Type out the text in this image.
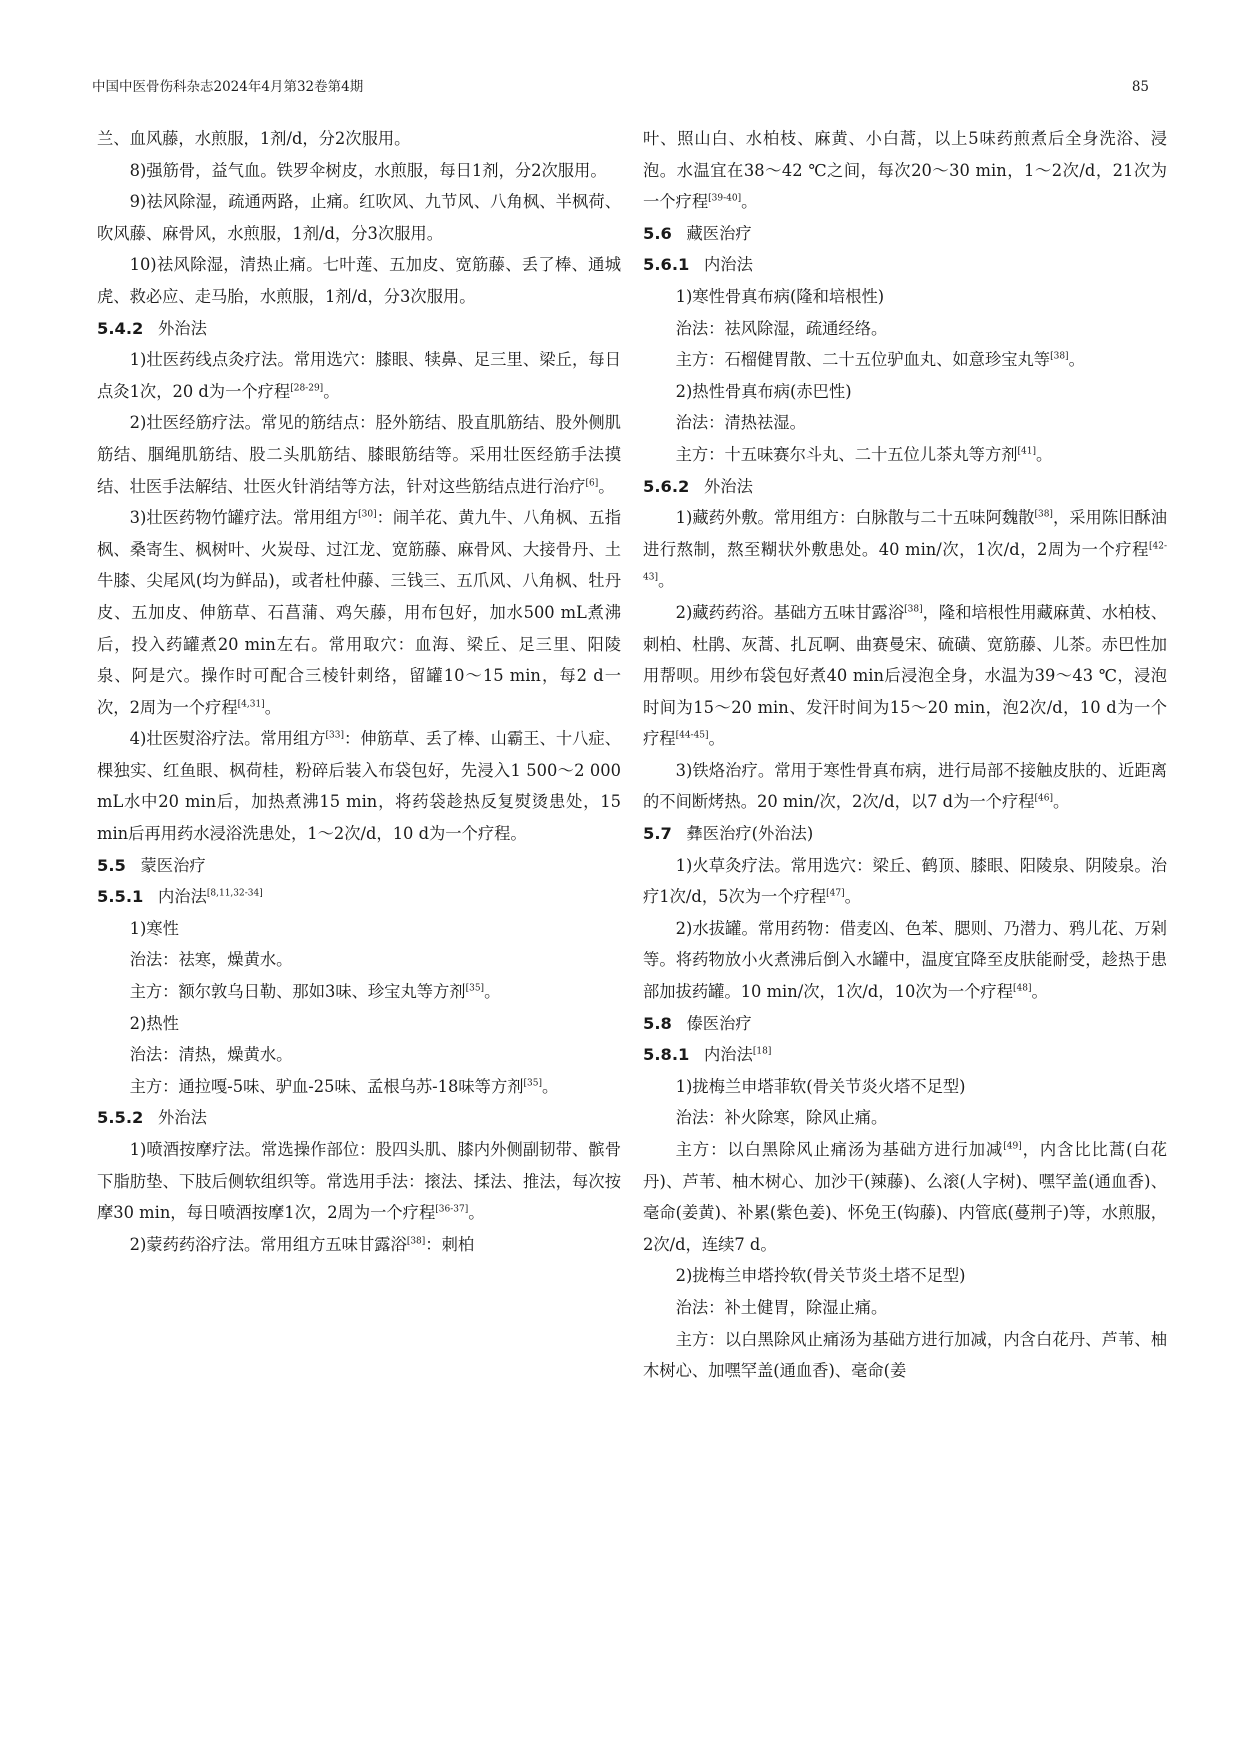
中国中医骨伤科杂志2024年4月第32卷第4期	85

兰、血风藤，水煎服，1剂/d，分2次服用。

8)强筋骨，益气血。铁罗伞树皮，水煎服，每日1剂，分2次服用。

9)祛风除湿，疏通两路，止痛。红吹风、九节风、八角枫、半枫荷、吹风藤、麻骨风，水煎服，1剂/d，分3次服用。

10)祛风除湿，清热止痛。七叶莲、五加皮、宽筋藤、丢了棒、通城虎、救必应、走马胎，水煎服，1剂/d，分3次服用。

5.4.2 外治法

1)壮医药线点灸疗法。常用选穴：膝眼、犊鼻、足三里、梁丘，每日点灸1次，20 d为一个疗程[28-29]。

2)壮医经筋疗法。常见的筋结点：胫外筋结、股直肌筋结、股外侧肌筋结、腘绳肌筋结、股二头肌筋结、膝眼筋结等。采用壮医经筋手法摸结、壮医手法解结、壮医火针消结等方法，针对这些筋结点进行治疗[6]。

3)壮医药物竹罐疗法。常用组方[30]：闹羊花、黄九牛、八角枫、五指枫、桑寄生、枫树叶、火炭母、过江龙、宽筋藤、麻骨风、大接骨丹、土牛膝、尖尾风(均为鲜品)，或者杜仲藤、三钱三、五爪风、八角枫、牡丹皮、五加皮、伸筋草、石菖蒲、鸡矢藤，用布包好，加水500 mL煮沸后，投入药罐煮20 min左右。常用取穴：血海、梁丘、足三里、阳陵泉、阿是穴。操作时可配合三棱针刺络，留罐10～15 min，每2 d一次，2周为一个疗程[4,31]。

4)壮医熨浴疗法。常用组方[33]：伸筋草、丢了棒、山霸王、十八症、棵独实、红鱼眼、枫荷桂，粉碎后装入布袋包好，先浸入1 500～2 000 mL水中20 min后，加热煮沸15 min，将药袋趁热反复熨烫患处，15 min后再用药水浸浴洗患处，1～2次/d，10 d为一个疗程。

5.5 蒙医治疗
5.5.1 内治法[8,11,32-34]

1)寒性

治法：祛寒，燥黄水。

主方：额尔敦乌日勒、那如3味、珍宝丸等方剂[35]。

2)热性

治法：清热，燥黄水。

主方：通拉嘎-5味、驴血-25味、孟根乌苏-18味等方剂[35]。

5.5.2 外治法

1)喷酒按摩疗法。常选操作部位：股四头肌、膝内外侧副韧带、髌骨下脂肪垫、下肢后侧软组织等。常选用手法：㨰法、揉法、推法，每次按摩30 min，每日喷酒按摩1次，2周为一个疗程[36-37]。

2)蒙药药浴疗法。常用组方五味甘露浴[38]：刺柏

叶、照山白、水柏枝、麻黄、小白蒿，以上5味药煎煮后全身洗浴、浸泡。水温宜在38～42 ℃之间，每次20～30 min，1～2次/d，21次为一个疗程[39-40]。

5.6 藏医治疗
5.6.1 内治法

1)寒性骨真布病(隆和培根性)

治法：祛风除湿，疏通经络。

主方：石榴健胃散、二十五位驴血丸、如意珍宝丸等[38]。

2)热性骨真布病(赤巴性)

治法：清热祛湿。

主方：十五味赛尔斗丸、二十五位儿茶丸等方剂[41]。

5.6.2 外治法

1)藏药外敷。常用组方：白脉散与二十五味阿魏散[38]，采用陈旧酥油进行熬制，熬至糊状外敷患处。40 min/次，1次/d，2周为一个疗程[42-43]。

2)藏药药浴。基础方五味甘露浴[38]，隆和培根性用藏麻黄、水柏枝、刺柏、杜鹃、灰蒿、扎瓦啊、曲赛曼宋、硫磺、宽筋藤、儿茶。赤巴性加用帮呗。用纱布袋包好煮40 min后浸泡全身，水温为39～43 ℃，浸泡时间为15～20 min、发汗时间为15～20 min，泡2次/d，10 d为一个疗程[44-45]。

3)铁烙治疗。常用于寒性骨真布病，进行局部不接触皮肤的、近距离的不间断烤热。20 min/次，2次/d，以7 d为一个疗程[46]。

5.7 彝医治疗(外治法)

1)火草灸疗法。常用选穴：梁丘、鹤顶、膝眼、阳陵泉、阴陵泉。治疗1次/d，5次为一个疗程[47]。

2)水拔罐。常用药物：借麦凶、色苯、腮则、乃潜力、鸦儿花、万剁等。将药物放小火煮沸后倒入水罐中，温度宜降至皮肤能耐受，趁热于患部加拔药罐。10 min/次，1次/d，10次为一个疗程[48]。

5.8 傣医治疗
5.8.1 内治法[18]

1)拢梅兰申塔菲软(骨关节炎火塔不足型)

治法：补火除寒，除风止痛。

主方：以白黑除风止痛汤为基础方进行加减[49]，内含比比蒿(白花丹)、芦苇、柚木树心、加沙干(辣藤)、么滚(人字树)、嘿罕盖(通血香)、毫命(姜黄)、补累(紫色姜)、怀免王(钩藤)、内管底(蔓荆子)等，水煎服，2次/d，连续7 d。

2)拢梅兰申塔拎软(骨关节炎土塔不足型)

治法：补土健胃，除湿止痛。

主方：以白黑除风止痛汤为基础方进行加减，内含白花丹、芦苇、柚木树心、加嘿罕盖(通血香)、毫命(姜
